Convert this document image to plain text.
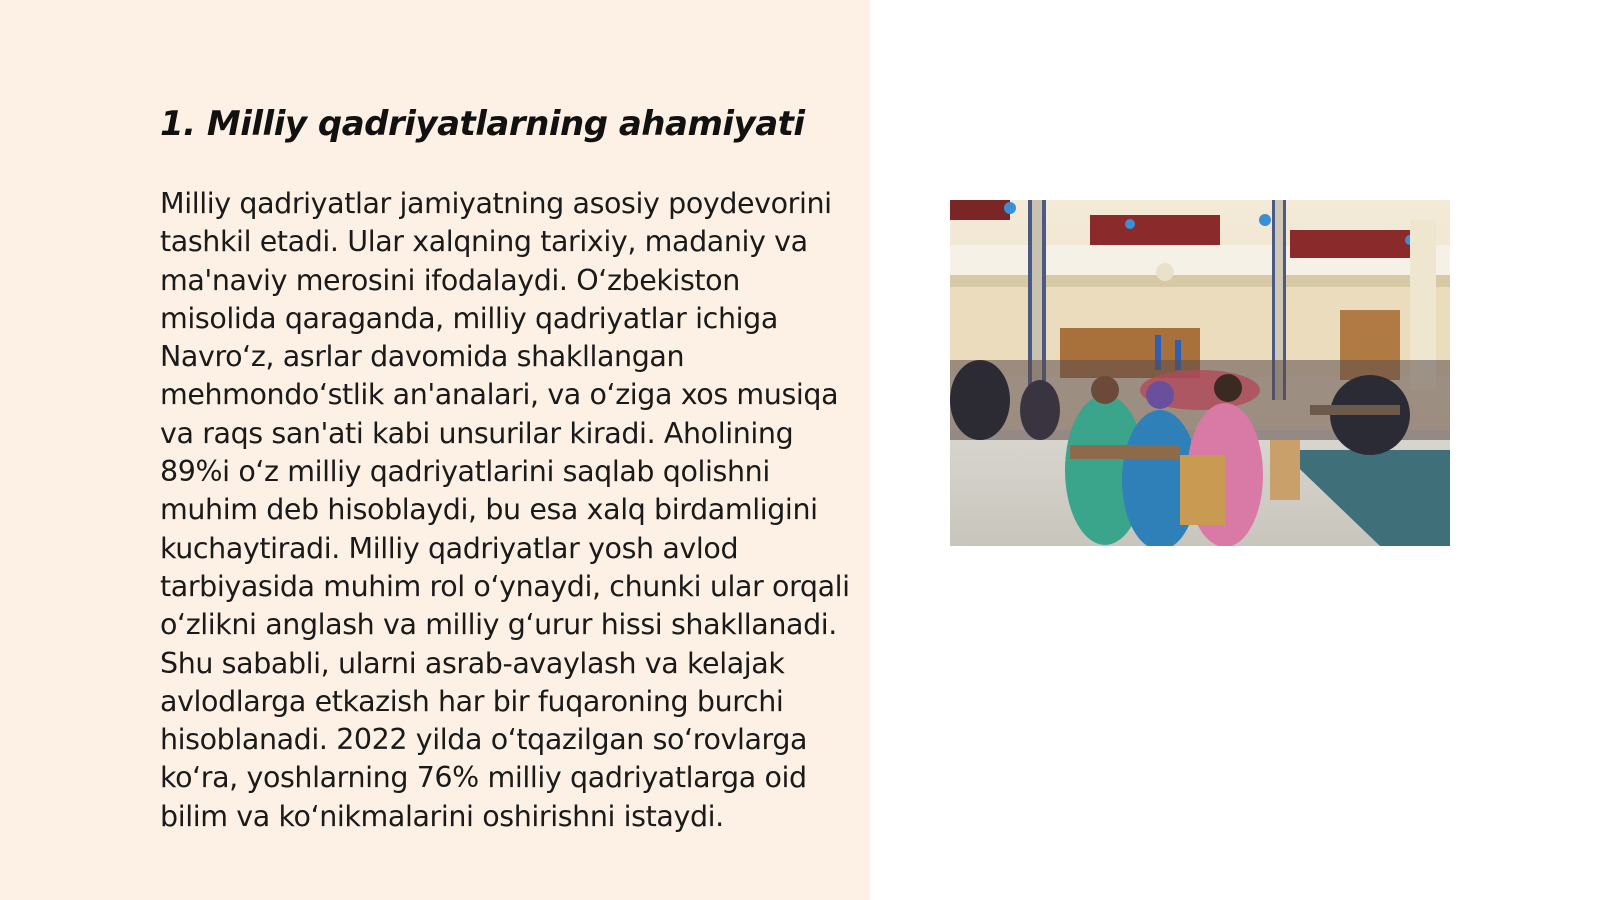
1. Milliy qadriyatlarning ahamiyati

Milliy qadriyatlar jamiyatning asosiy poydevorini tashkil etadi. Ular xalqning tarixiy, madaniy va ma'naviy merosini ifodalaydi. O‘zbekiston misolida qaraganda, milliy qadriyatlar ichiga Navro‘z, asrlar davomida shakllangan mehmondo‘stlik an'analari, va o‘ziga xos musiqa va raqs san'ati kabi unsurilar kiradi. Aholining 89%i o‘z milliy qadriyatlarini saqlab qolishni muhim deb hisoblaydi, bu esa xalq birdamligini kuchaytiradi. Milliy qadriyatlar yosh avlod tarbiyasida muhim rol o‘ynaydi, chunki ular orqali o‘zlikni anglash va milliy g‘urur hissi shakllanadi. Shu sababli, ularni asrab-avaylash va kelajak avlodlarga etkazish har bir fuqaroning burchi hisoblanadi. 2022 yilda o‘tqazilgan so‘rovlarga ko‘ra, yoshlarning 76% milliy qadriyatlarga oid bilim va ko‘nikmalarini oshirishni istaydi.
